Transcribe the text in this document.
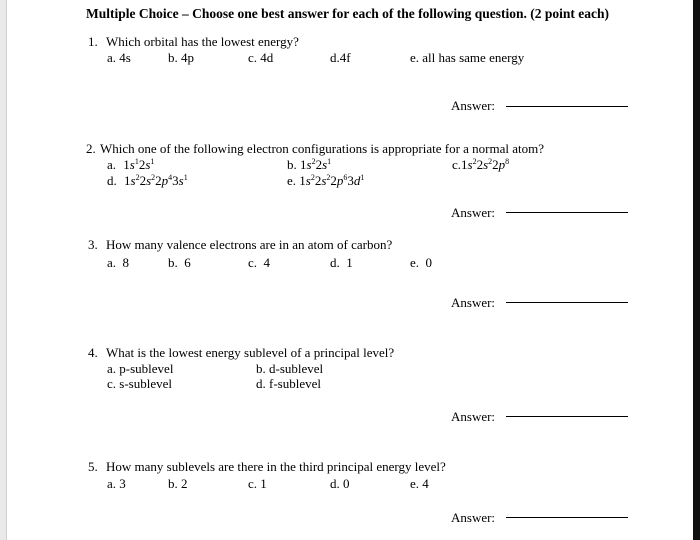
Multiple Choice – Choose one best answer for each of the following question. (2 point each)
1. Which orbital has the lowest energy?
a. 4s	b. 4p	c. 4d	d.4f	e. all has same energy
Answer:
2. Which one of the following electron configurations is appropriate for a normal atom?
a. $1s^12s^1$	b. $1s^22s^1$	$c.1s^22s^22p^8$
d. $1s^22s^22p^43s^1$	e. $1s^22s^22p^63d^1$
Answer:
3. How many valence electrons are in an atom of carbon?
a. 8	b. 6	c. 4	d. 1	e. 0
Answer:
4. What is the lowest energy sublevel of a principal level?
a. p-sublevel	b. d-sublevel
c. s-sublevel	d. f-sublevel
Answer:
5. How many sublevels are there in the third principal energy level?
a. 3	b. 2	c. 1	d. 0	e. 4
Answer:
